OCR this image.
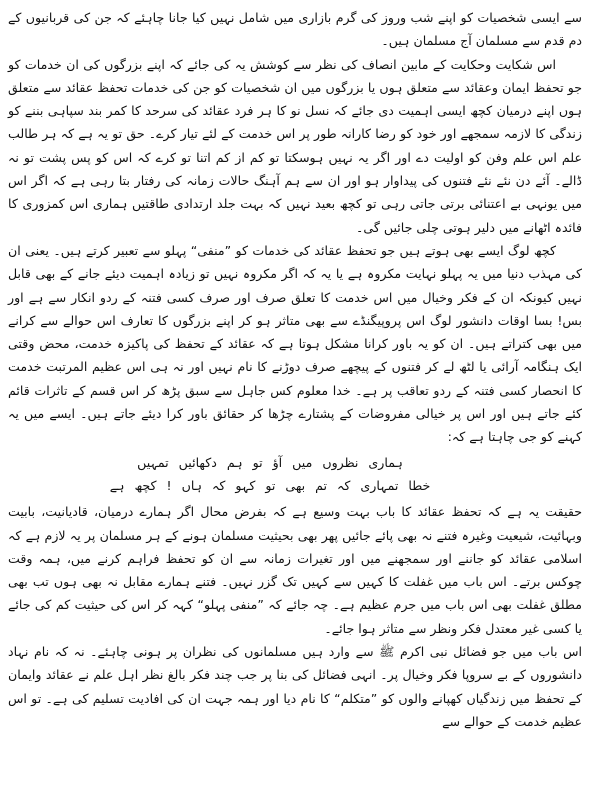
سے ایسی شخصیات کو اپنے شب وروز کی گرم بازاری میں شامل نہیں کیا جانا چاہئے کہ جن کی قربانیوں کے دم قدم سے مسلمان آج مسلمان ہیں۔

اس شکایت وحکایت کے مابین انصاف کی نظر سے کوشش یہ کی جائے کہ اپنے بزرگوں کی ان خدمات کو جو تحفظ ایمان وعقائد سے متعلق ہوں یا بزرگوں میں ان شخصیات کو جن کی خدمات تحفظ عقائد سے متعلق ہوں اپنے درمیان کچھ ایسی اہمیت دی جائے کہ نسل نو کا ہر فرد عقائد کی سرحد کا کمر بند سپاہی بننے کو زندگی کا لازمہ سمجھے اور خود کو رضا کارانہ طور پر اس خدمت کے لئے تیار کرے۔ حق تو یہ ہے کہ ہر طالب علم اس علم وفن کو اولیت دے اور اگر یہ نہیں ہوسکتا تو کم از کم اتنا تو کرے کہ اس کو پس پشت تو نہ ڈالے۔ آئے دن نئے نئے فتنوں کی پیداوار ہو اور ان سے ہم آہنگ حالات زمانہ کی رفتار بتا رہی ہے کہ اگر اس میں یونہی بے اعتنائی برتی جاتی رہی تو کچھ بعید نہیں کہ بہت جلد ارتدادی طاقتیں ہماری اس کمزوری کا فائدہ اٹھانے میں دلیر ہوتی چلی جائیں گی۔

کچھ لوگ ایسے بھی ہوتے ہیں جو تحفظ عقائد کی خدمات کو ”منفی“ پہلو سے تعبیر کرتے ہیں۔ یعنی ان کی مہذب دنیا میں یہ پہلو نہایت مکروہ ہے یا یہ کہ اگر مکروہ نہیں تو زیادہ اہمیت دیئے جانے کے بھی قابل نہیں کیونکہ ان کے فکر وخیال میں اس خدمت کا تعلق صرف اور صرف کسی فتنہ کے ردو انکار سے ہے اور بس! بسا اوقات دانشور لوگ اس پروپیگنڈے سے بھی متاثر ہو کر اپنے بزرگوں کا تعارف اس حوالے سے کرانے میں بھی کتراتے ہیں۔ ان کو یہ باور کرانا مشکل ہوتا ہے کہ عقائد کے تحفظ کی پاکیزہ خدمت، محض وقتی ایک ہنگامہ آرائی یا لٹھ لے کر فتنوں کے پیچھے صرف دوڑنے کا نام نہیں اور نہ ہی اس عظیم المرتبت خدمت کا انحصار کسی فتنہ کے ردو تعاقب پر ہے۔ خدا معلوم کس جاہل سے سبق پڑھ کر اس قسم کے تاثرات قائم کئے جاتے ہیں اور اس پر خیالی مفروضات کے پشتارے چڑھا کر حقائق باور کرا دیئے جاتے ہیں۔ ایسے میں یہ کہنے کو جی چاہتا ہے کہ:

ہماری نظروں میں آؤ تو ہم دکھائیں تمہیں
خطا تمہاری کہ تم بھی تو کہو کہ ہاں ! کچھ ہے

حقیقت یہ ہے کہ تحفظ عقائد کا باب بہت وسیع ہے کہ بفرض محال اگر ہمارے درمیان، قادیانیت، بابیت وبہائیت، شیعیت وغیرہ فتنے نہ بھی پائے جائیں پھر بھی بحیثیت مسلمان ہونے کے ہر مسلمان پر یہ لازم ہے کہ اسلامی عقائد کو جاننے اور سمجھنے میں اور تغیرات زمانہ سے ان کو تحفظ فراہم کرنے میں، ہمہ وقت چوکس برتے۔ اس باب میں غفلت کا کہیں سے کہیں تک گزر نہیں۔ فتنے ہمارے مقابل نہ بھی ہوں تب بھی مطلق غفلت بھی اس باب میں جرم عظیم ہے۔ چہ جائے کہ ”منفی پہلو“ کہہ کر اس کی حیثیت کم کی جائے یا کسی غیر معتدل فکر ونظر سے متاثر ہوا جائے۔

اس باب میں جو فضائل نبی اکرم ﷺ سے وارد ہیں مسلمانوں کی نظران پر ہونی چاہئے۔ نہ کہ نام نہاد دانشوروں کے بے سروپا فکر وخیال پر۔ انہی فضائل کی بنا پر جب چند فکر بالغ نظر اہل علم نے عقائد وایمان کے تحفظ میں زندگیاں کھپانے والوں کو ”متکلم“ کا نام دیا اور ہمہ جہت ان کی افادیت تسلیم کی ہے۔ تو اس عظیم خدمت کے حوالے سے
